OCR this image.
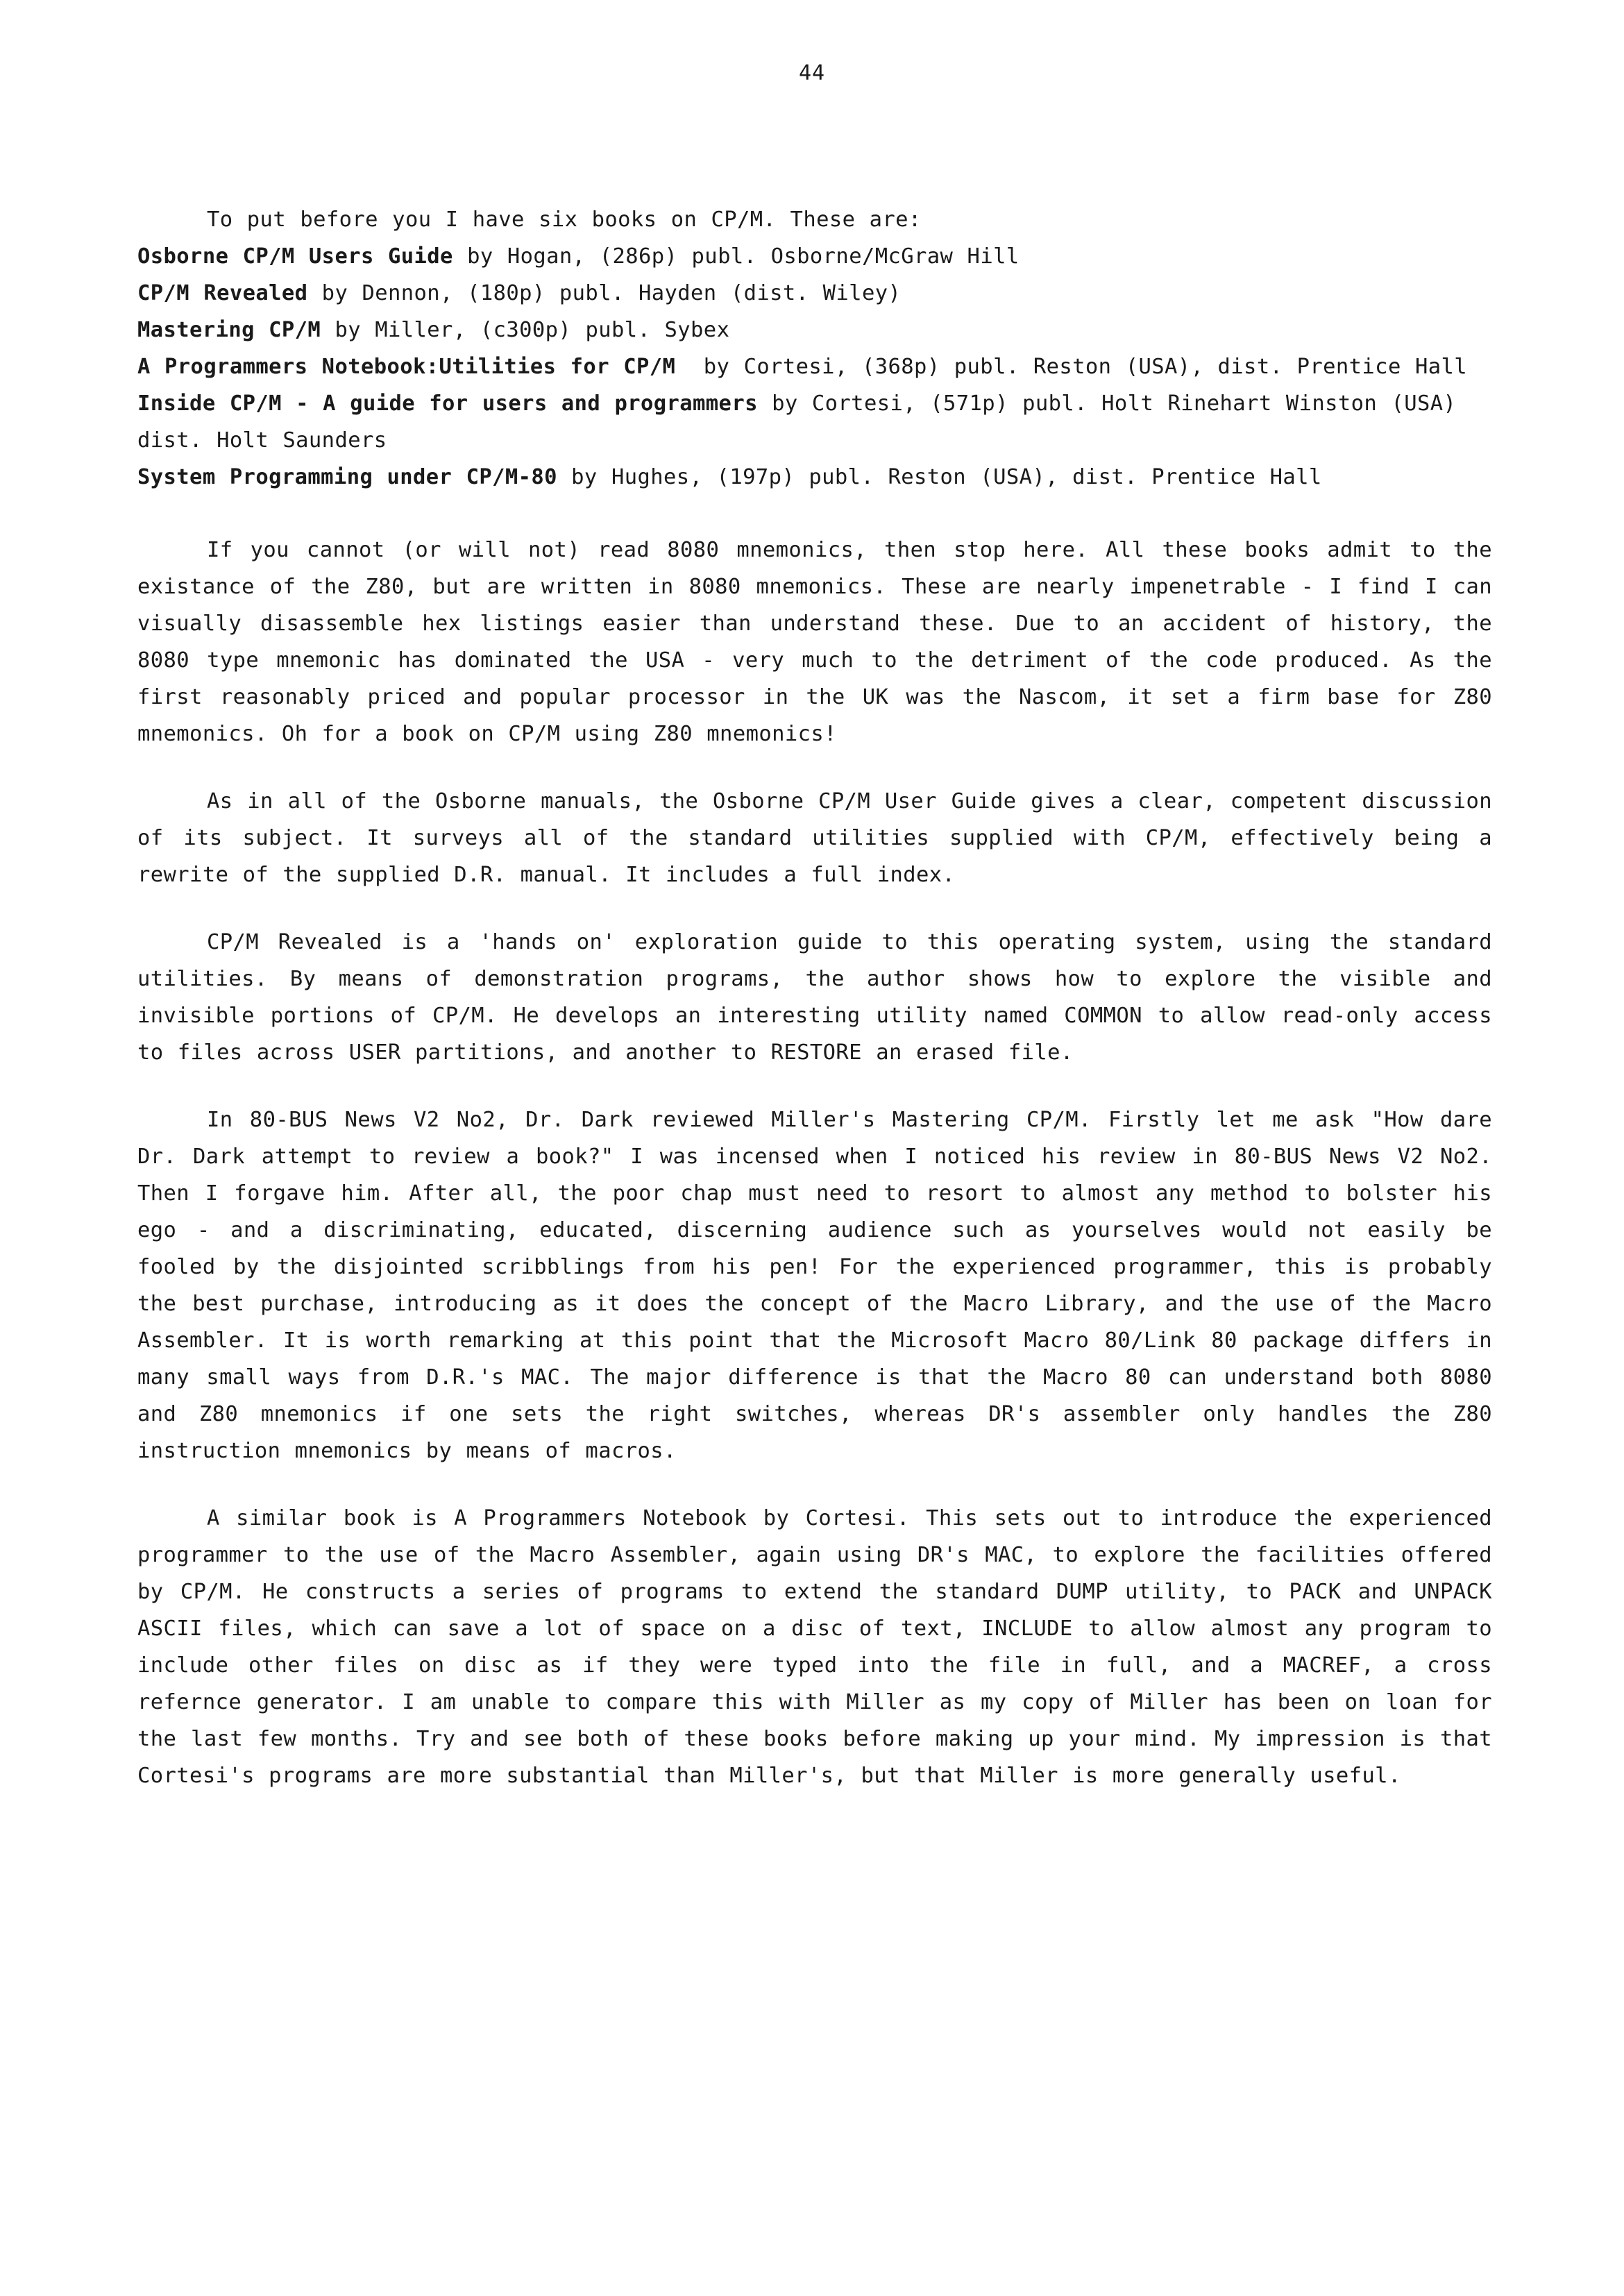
44
To put before you I have six books on CP/M. These are:
Osborne CP/M Users Guide by Hogan, (286p) publ. Osborne/McGraw Hill
CP/M Revealed by Dennon, (180p) publ. Hayden (dist. Wiley)
Mastering CP/M by Miller, (c300p) publ. Sybex
A Programmers Notebook:Utilities for CP/M  by Cortesi, (368p) publ. Reston (USA), dist. Prentice Hall
Inside CP/M - A guide for users and programmers by Cortesi, (571p) publ. Holt Rinehart Winston (USA) dist. Holt Saunders
System Programming under CP/M-80 by Hughes, (197p) publ. Reston (USA), dist. Prentice Hall

If you cannot (or will not) read 8080 mnemonics, then stop here. All these books admit to the existance of the Z80, but are written in 8080 mnemonics. These are nearly impenetrable - I find I can visually disassemble hex listings easier than understand these. Due to an accident of history, the 8080 type mnemonic has dominated the USA - very much to the detriment of the code produced. As the first reasonably priced and popular processor in the UK was the Nascom, it set a firm base for Z80 mnemonics. Oh for a book on CP/M using Z80 mnemonics!

As in all of the Osborne manuals, the Osborne CP/M User Guide gives a clear, competent discussion of its subject. It surveys all of the standard utilities supplied with CP/M, effectively being a rewrite of the supplied D.R. manual. It includes a full index.

CP/M Revealed is a 'hands on' exploration guide to this operating system, using the standard utilities. By means of demonstration programs, the author shows how to explore the visible and invisible portions of CP/M. He develops an interesting utility named COMMON to allow read-only access to files across USER partitions, and another to RESTORE an erased file.

In 80-BUS News V2 No2, Dr. Dark reviewed Miller's Mastering CP/M. Firstly let me ask "How dare Dr. Dark attempt to review a book?" I was incensed when I noticed his review in 80-BUS News V2 No2. Then I forgave him. After all, the poor chap must need to resort to almost any method to bolster his ego - and a discriminating, educated, discerning audience such as yourselves would not easily be fooled by the disjointed scribblings from his pen! For the experienced programmer, this is probably the best purchase, introducing as it does the concept of the Macro Library, and the use of the Macro Assembler. It is worth remarking at this point that the Microsoft Macro 80/Link 80 package differs in many small ways from D.R.'s MAC. The major difference is that the Macro 80 can understand both 8080 and Z80 mnemonics if one sets the right switches, whereas DR's assembler only handles the Z80 instruction mnemonics by means of macros.

A similar book is A Programmers Notebook by Cortesi. This sets out to introduce the experienced programmer to the use of the Macro Assembler, again using DR's MAC, to explore the facilities offered by CP/M. He constructs a series of programs to extend the standard DUMP utility, to PACK and UNPACK ASCII files, which can save a lot of space on a disc of text, INCLUDE to allow almost any program to include other files on disc as if they were typed into the file in full, and a MACREF, a cross refernce generator. I am unable to compare this with Miller as my copy of Miller has been on loan for the last few months. Try and see both of these books before making up your mind. My impression is that Cortesi's programs are more substantial than Miller's, but that Miller is more generally useful.
